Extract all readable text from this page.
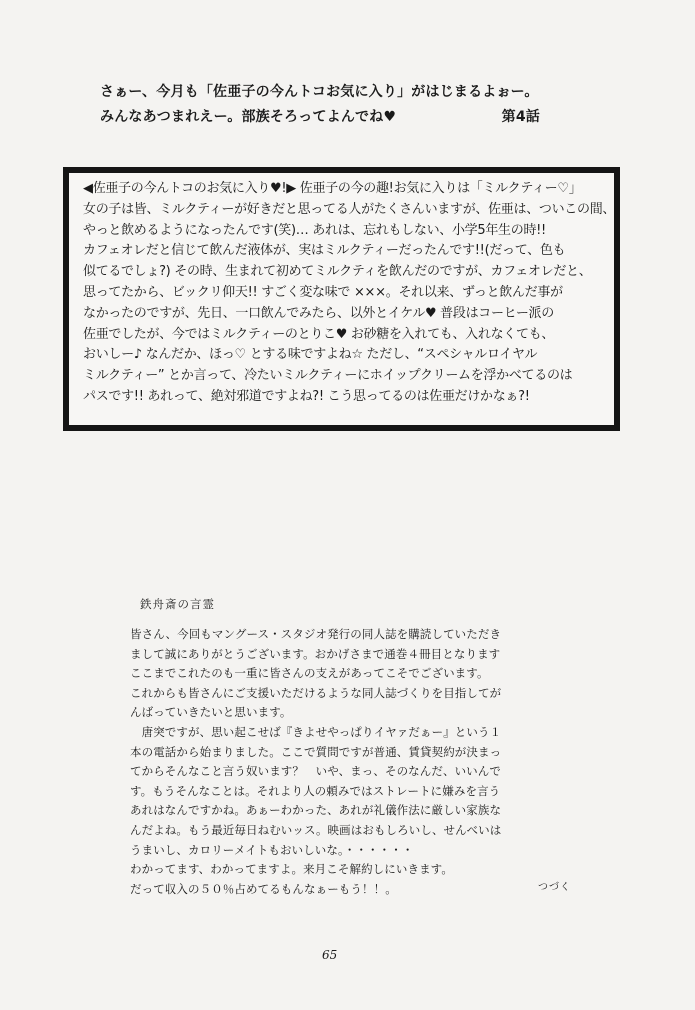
さぁー、今月も「佐亜子の今んトコお気に入り」がはじまるよぉー。
みんなあつまれえー。部族そろってよんでね♥	第4話
◀佐亜子の今んトコのお気に入り♥!▶ 佐亜子の今の趣!お気に入りは「ミルクティー♡」
女の子は皆、ミルクティーが好きだと思ってる人がたくさんいますが、佐亜は、ついこの間、
やっと飲めるようになったんです(笑)… あれは、忘れもしない、小学5年生の時!!
カフェオレだと信じて飲んだ液体が、実はミルクティーだったんです!!(だって、色も
似てるでしょ?) その時、生まれて初めてミルクティを飲んだのですが、カフェオレだと、
思ってたから、ビックリ仰天!! すごく変な味で ×××。それ以来、ずっと飲んだ事が
なかったのですが、先日、一口飲んでみたら、以外とイケル♥ 普段はコーヒー派の
佐亜でしたが、今ではミルクティーのとりこ♥ お砂糖を入れても、入れなくても、
おいしー♪ なんだか、ほっ♡ とする味ですよね☆ ただし、“スペシャルロイヤル
ミルクティー” とか言って、冷たいミルクティーにホイップクリームを浮かべてるのは
パスです!! あれって、絶対邪道ですよね?! こう思ってるのは佐亜だけかなぁ?!
鉄舟斎の言霊
皆さん、今回もマングース・スタジオ発行の同人誌を購読していただき
まして誠にありがとうございます。おかげさまで通巻４冊目となります
ここまでこれたのも一重に皆さんの支えがあってこそでございます。
これからも皆さんにご支援いただけるような同人誌づくりを目指してが
んばっていきたいと思います。
　唐突ですが、思い起こせば『きよせやっぱりイヤァだぁー』という１
本の電話から始まりました。ここで質問ですが普通、賃貸契約が決まっ
てからそんなこと言う奴います？　いや、まっ、そのなんだ、いいんで
す。もうそんなことは。それより人の頼みではストレートに嫌みを言う
あれはなんですかね。あぁーわかった、あれが礼儀作法に厳しい家族な
んだよね。もう最近毎日ねむいッス。映画はおもしろいし、せんべいは
うまいし、カロリーメイトもおいしいな。・・・・・・
わかってます、わかってますよ。来月こそ解約しにいきます。
だって収入の５０％占めてるもんなぁーもう！！。	つづく
65
